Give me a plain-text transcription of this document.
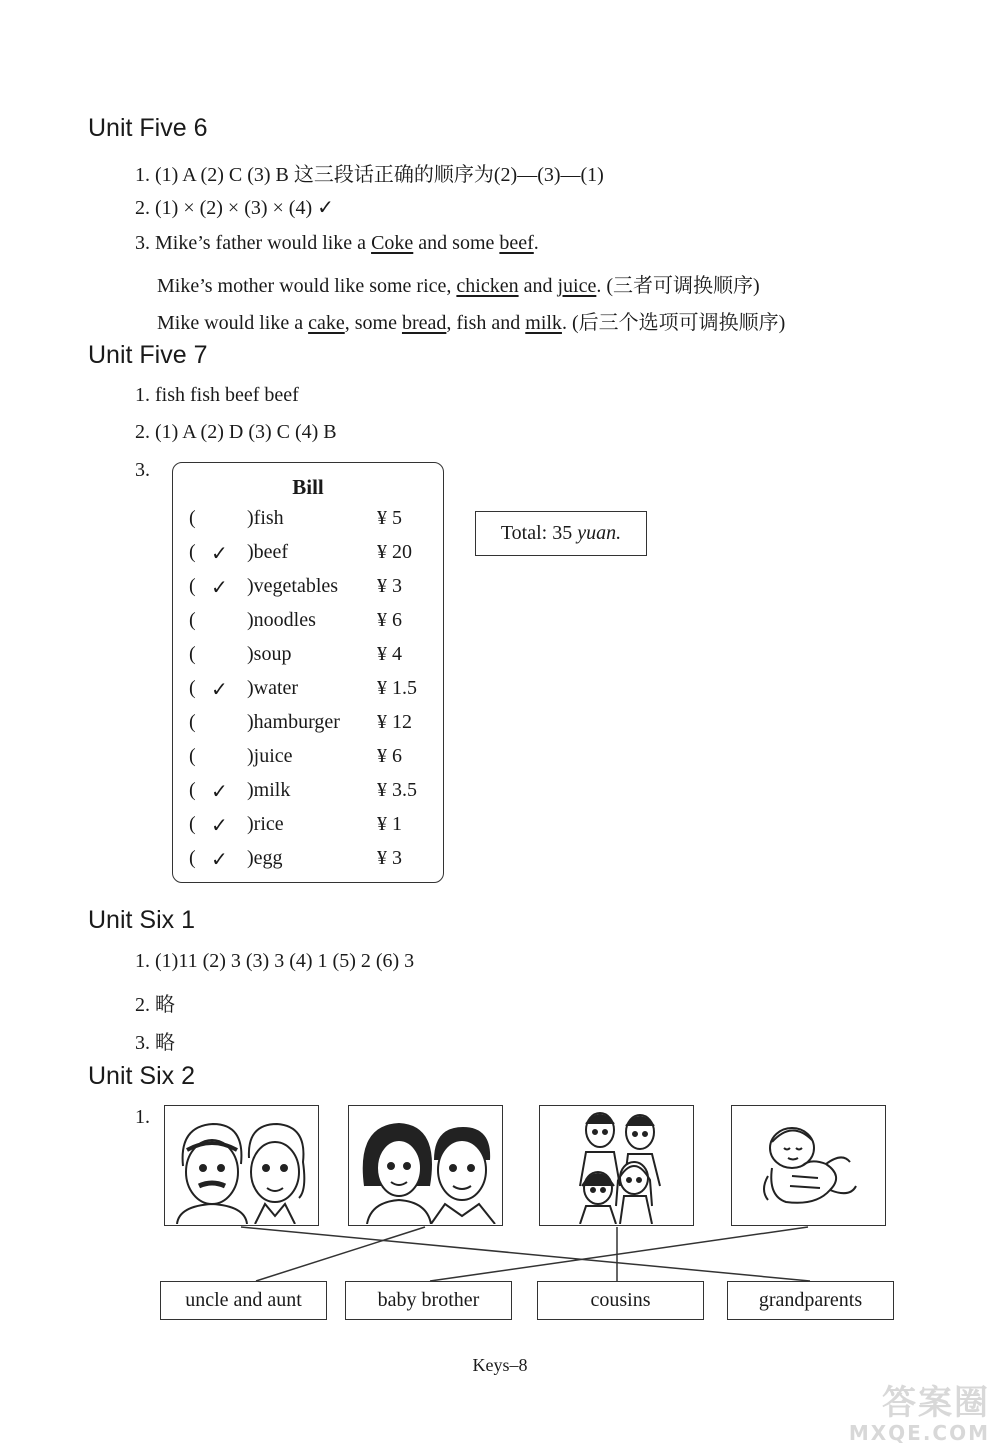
Unit Five 6
1. (1) A (2) C (3) B 这三段话正确的顺序为(2)—(3)—(1)
2. (1) × (2) × (3) × (4) ✓
3. Mike’s father would like a Coke and some beef.
Mike’s mother would like some rice, chicken and juice. (三者可调换顺序)
Mike would like a cake, some bread, fish and milk. (后三个选项可调换顺序)
Unit Five 7
1. fish fish beef beef
2. (1) A (2) D (3) C (4) B
3.
Bill
(	)fish	¥ 5
( ✓ )beef	¥ 20
( ✓ )vegetables ¥ 3
(	)noodles	¥ 6
(	)soup	¥ 4
( ✓ )water	¥ 1.5
(	)hamburger ¥ 12
(	)juice	¥ 6
( ✓ )milk	¥ 3.5
( ✓ )rice	¥ 1
( ✓ )egg	¥ 3
Total: 35
yuan.
Unit Six 1
1. (1)11 (2) 3 (3) 3 (4) 1 (5) 2 (6) 3
2. 略
3. 略
Unit Six 2
1.
uncle and aunt	baby brother	cousins	grandparents
Keys–8
答案圈
MXQE.COM
